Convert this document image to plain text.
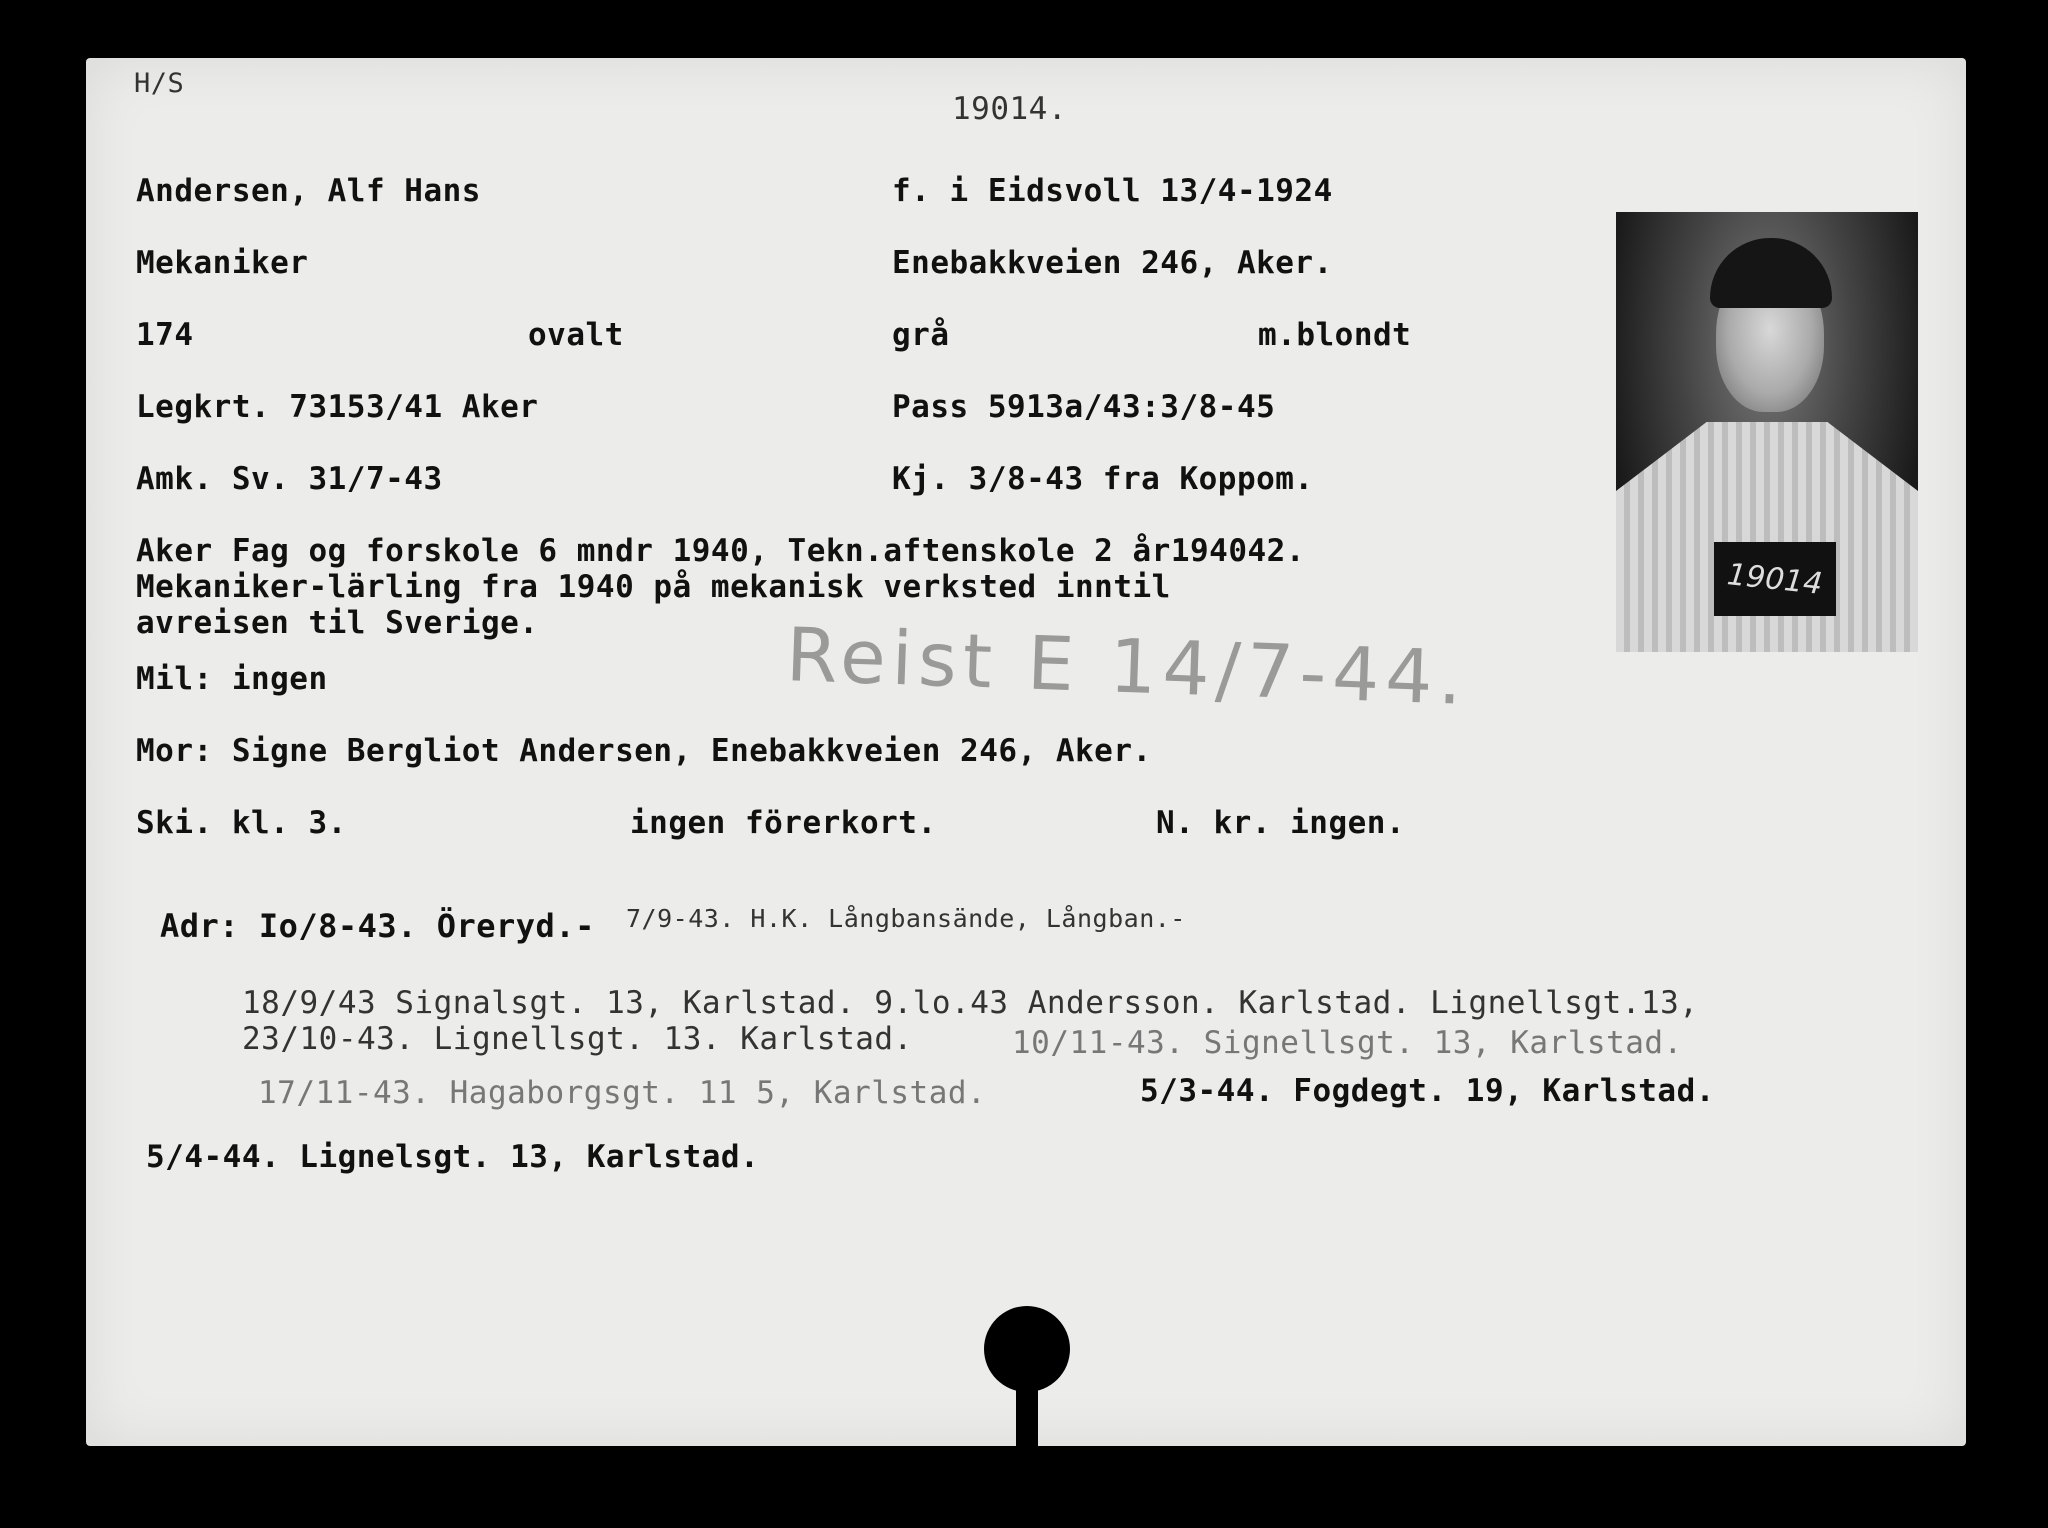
H/S
19014.
Andersen, Alf Hans	f. i Eidsvoll 13/4-1924
Mekaniker	Enebakkveien 246, Aker.
174	ovalt	grå	m.blondt
Legkrt. 73153/41 Aker	Pass 5913a/43:3/8-45
Amk. Sv. 31/7-43	Kj. 3/8-43 fra Koppom.
Aker Fag og forskole 6 mndr 1940, Tekn.aftenskole 2 år194042.
Mekaniker-lärling fra 1940 på mekanisk verksted inntil
avreisen til Sverige.	Reist E 14/7-44.
Mil: ingen
Mor: Signe Bergliot Andersen, Enebakkveien 246, Aker.
Ski. kl. 3.	ingen förerkort.	N. kr. ingen.
Adr: Io/8-43. Öreryd.- 7/9-43. H.K. Långbansände, Långban.-
18/9/43 Signalsgt. 13, Karlstad. 9.lo.43 Andersson. Karlstad. Lignellsgt.13,
23/10-43. Lignellsgt. 13. Karlstad.	10/11-43. Signellsgt. 13, Karlstad.
17/11-43. Hagaborgsgt. 11 5, Karlstad.	5/3-44. Fogdegt. 19, Karlstad.
5/4-44. Lignelsgt. 13, Karlstad.
19014
